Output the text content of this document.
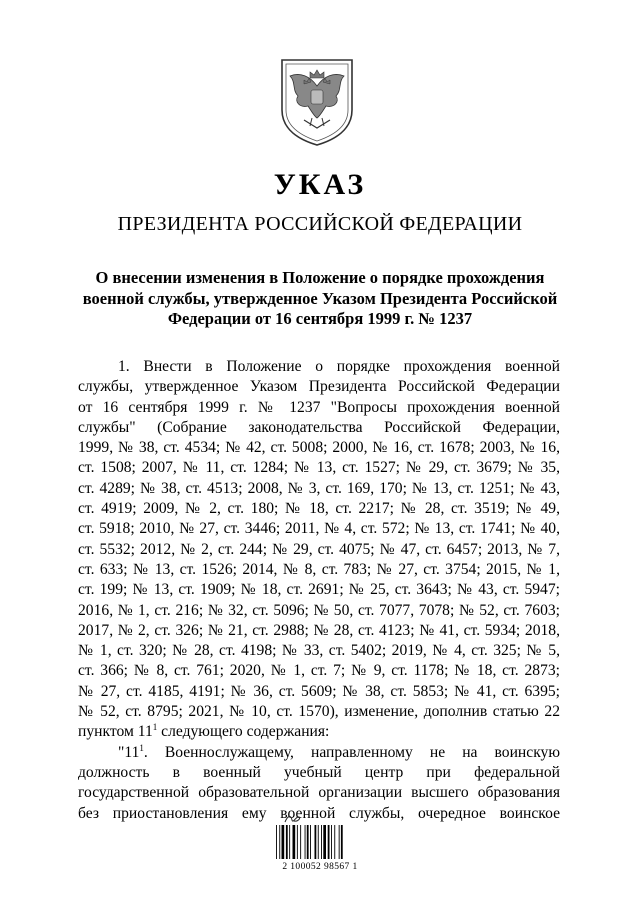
УКАЗ
ПРЕЗИДЕНТА РОССИЙСКОЙ ФЕДЕРАЦИИ
О внесении изменения в Положение о порядке прохождения
военной службы, утвержденное Указом Президента Российской
Федерации от 16 сентября 1999 г. № 1237
1. Внести в Положение о порядке прохождения военной
службы, утвержденное Указом Президента Российской Федерации
от 16 сентября 1999 г. № 1237 "Вопросы прохождения военной
службы" (Собрание законодательства Российской Федерации,
1999, № 38, ст. 4534; № 42, ст. 5008; 2000, № 16, ст. 1678; 2003, № 16,
ст. 1508; 2007, № 11, ст. 1284; № 13, ст. 1527; № 29, ст. 3679; № 35,
ст. 4289; № 38, ст. 4513; 2008, № 3, ст. 169, 170; № 13, ст. 1251; № 43,
ст. 4919; 2009, № 2, ст. 180; № 18, ст. 2217; № 28, ст. 3519; № 49,
ст. 5918; 2010, № 27, ст. 3446; 2011, № 4, ст. 572; № 13, ст. 1741; № 40,
ст. 5532; 2012, № 2, ст. 244; № 29, ст. 4075; № 47, ст. 6457; 2013, № 7,
ст. 633; № 13, ст. 1526; 2014, № 8, ст. 783; № 27, ст. 3754; 2015, № 1,
ст. 199; № 13, ст. 1909; № 18, ст. 2691; № 25, ст. 3643; № 43, ст. 5947;
2016, № 1, ст. 216; № 32, ст. 5096; № 50, ст. 7077, 7078; № 52, ст. 7603;
2017, № 2, ст. 326; № 21, ст. 2988; № 28, ст. 4123; № 41, ст. 5934; 2018,
№ 1, ст. 320; № 28, ст. 4198; № 33, ст. 5402; 2019, № 4, ст. 325; № 5,
ст. 366; № 8, ст. 761; 2020, № 1, ст. 7; № 9, ст. 1178; № 18, ст. 2873;
№ 27, ст. 4185, 4191; № 36, ст. 5609; № 38, ст. 5853; № 41, ст. 6395;
№ 52, ст. 8795; 2021, № 10, ст. 1570), изменение, дополнив статью 22
пунктом $11^1$ следующего содержания:
"$11^1$. Военнослужащему, направленному не на воинскую
должность в военный учебный центр при федеральной
государственной образовательной организации высшего образования
без приостановления ему военной службы, очередное воинское
2 100052 98567 1
